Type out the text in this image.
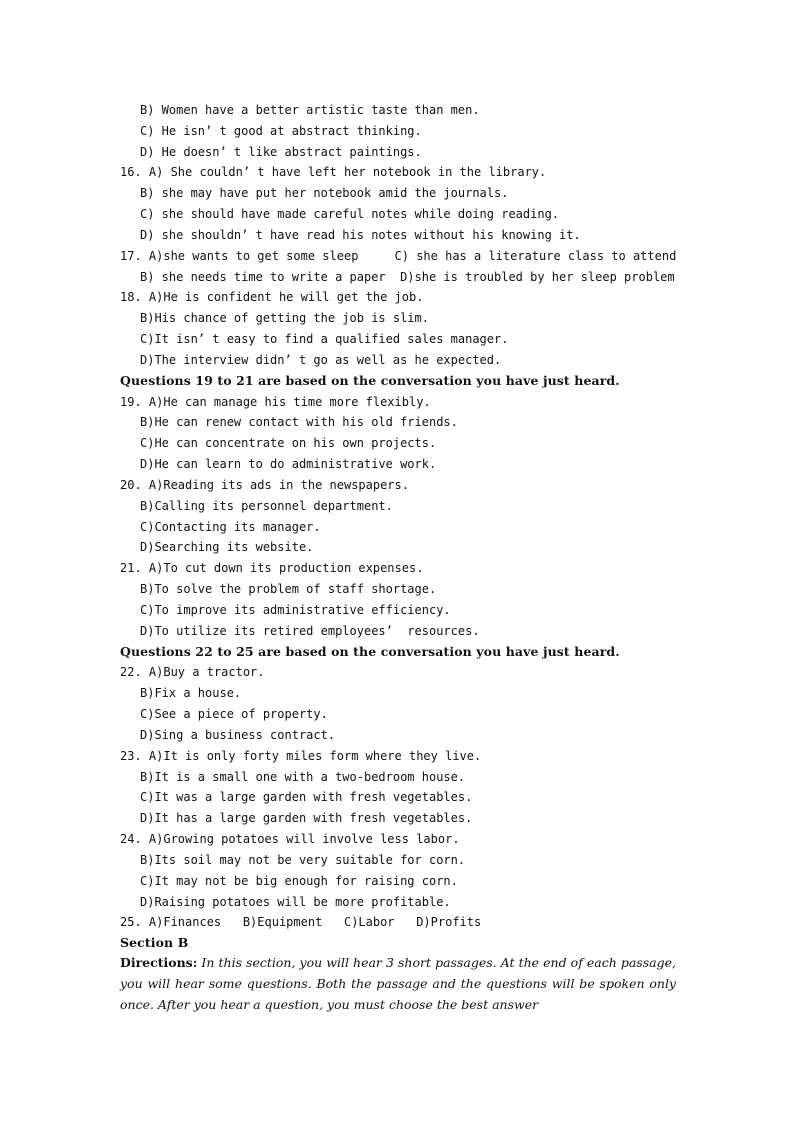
B) Women have a better artistic taste than men.
C) He isn’ t good at abstract thinking.
D) He doesn’ t like abstract paintings.
16. A) She couldn’ t have left her notebook in the library.
B) she may have put her notebook amid the journals.
C) she should have made careful notes while doing reading.
D) she shouldn’ t have read his notes without his knowing it.
17. A)she wants to get some sleep     C) she has a literature class to attend
B) she needs time to write a paper  D)she is troubled by her sleep problem
18. A)He is confident he will get the job.
B)His chance of getting the job is slim.
C)It isn’ t easy to find a qualified sales manager.
D)The interview didn’ t go as well as he expected.
Questions 19 to 21 are based on the conversation you have just heard.
19. A)He can manage his time more flexibly.
B)He can renew contact with his old friends.
C)He can concentrate on his own projects.
D)He can learn to do administrative work.
20. A)Reading its ads in the newspapers.
B)Calling its personnel department.
C)Contacting its manager.
D)Searching its website.
21. A)To cut down its production expenses.
B)To solve the problem of staff shortage.
C)To improve its administrative efficiency.
D)To utilize its retired employees’  resources.
Questions 22 to 25 are based on the conversation you have just heard.
22. A)Buy a tractor.
B)Fix a house.
C)See a piece of property.
D)Sing a business contract.
23. A)It is only forty miles form where they live.
B)It is a small one with a two-bedroom house.
C)It was a large garden with fresh vegetables.
D)It has a large garden with fresh vegetables.
24. A)Growing potatoes will involve less labor.
B)Its soil may not be very suitable for corn.
C)It may not be big enough for raising corn.
D)Raising potatoes will be more profitable.
25. A)Finances   B)Equipment   C)Labor   D)Profits
Section B
Directions: In this section, you will hear 3 short passages. At the end of each passage, you will hear some questions. Both the passage and the questions will be spoken only once. After you hear a question, you must choose the best answer
